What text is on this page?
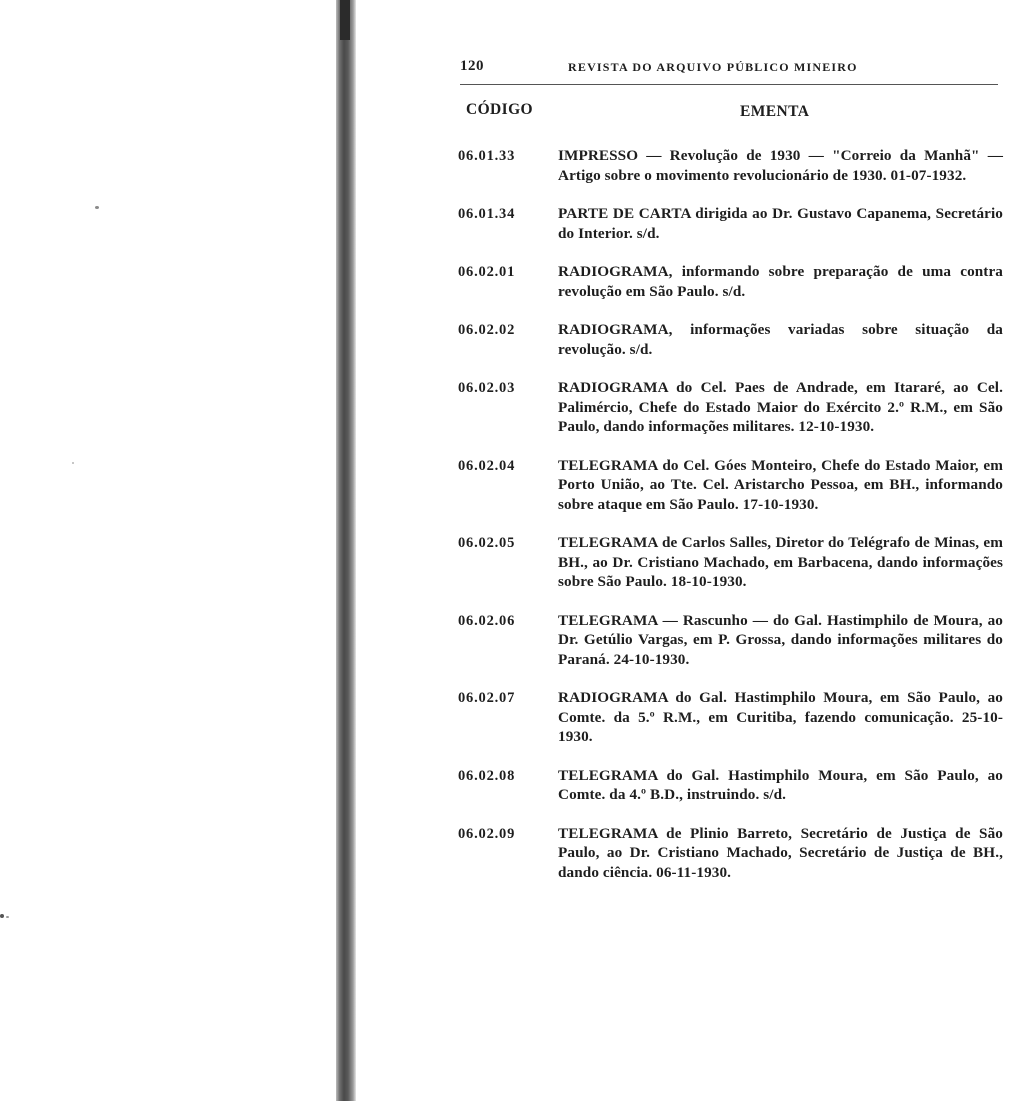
120	REVISTA DO ARQUIVO PÚBLICO MINEIRO
CÓDIGO	EMENTA
06.01.33	IMPRESSO — Revolução de 1930 — "Correio da Manhã" — Artigo sobre o movimento revolucionário de 1930. 01-07-1932.
06.01.34	PARTE DE CARTA dirigida ao Dr. Gustavo Capanema, Secretário do Interior. s/d.
06.02.01	RADIOGRAMA, informando sobre preparação de uma contra revolução em São Paulo. s/d.
06.02.02	RADIOGRAMA, informações variadas sobre situação da revolução. s/d.
06.02.03	RADIOGRAMA do Cel. Paes de Andrade, em Itararé, ao Cel. Palimércio, Chefe do Estado Maior do Exército 2.º R.M., em São Paulo, dando informações militares. 12-10-1930.
06.02.04	TELEGRAMA do Cel. Góes Monteiro, Chefe do Estado Maior, em Porto União, ao Tte. Cel. Aristarcho Pessoa, em BH., informando sobre ataque em São Paulo. 17-10-1930.
06.02.05	TELEGRAMA de Carlos Salles, Diretor do Telégrafo de Minas, em BH., ao Dr. Cristiano Machado, em Barbacena, dando informações sobre São Paulo. 18-10-1930.
06.02.06	TELEGRAMA — Rascunho — do Gal. Hastimphilo de Moura, ao Dr. Getúlio Vargas, em P. Grossa, dando informações militares do Paraná. 24-10-1930.
06.02.07	RADIOGRAMA do Gal. Hastimphilo Moura, em São Paulo, ao Comte. da 5.º R.M., em Curitiba, fazendo comunicação. 25-10-1930.
06.02.08	TELEGRAMA do Gal. Hastimphilo Moura, em São Paulo, ao Comte. da 4.º B.D., instruindo. s/d.
06.02.09	TELEGRAMA de Plinio Barreto, Secretário de Justiça de São Paulo, ao Dr. Cristiano Machado, Secretário de Justiça de BH., dando ciência. 06-11-1930.
